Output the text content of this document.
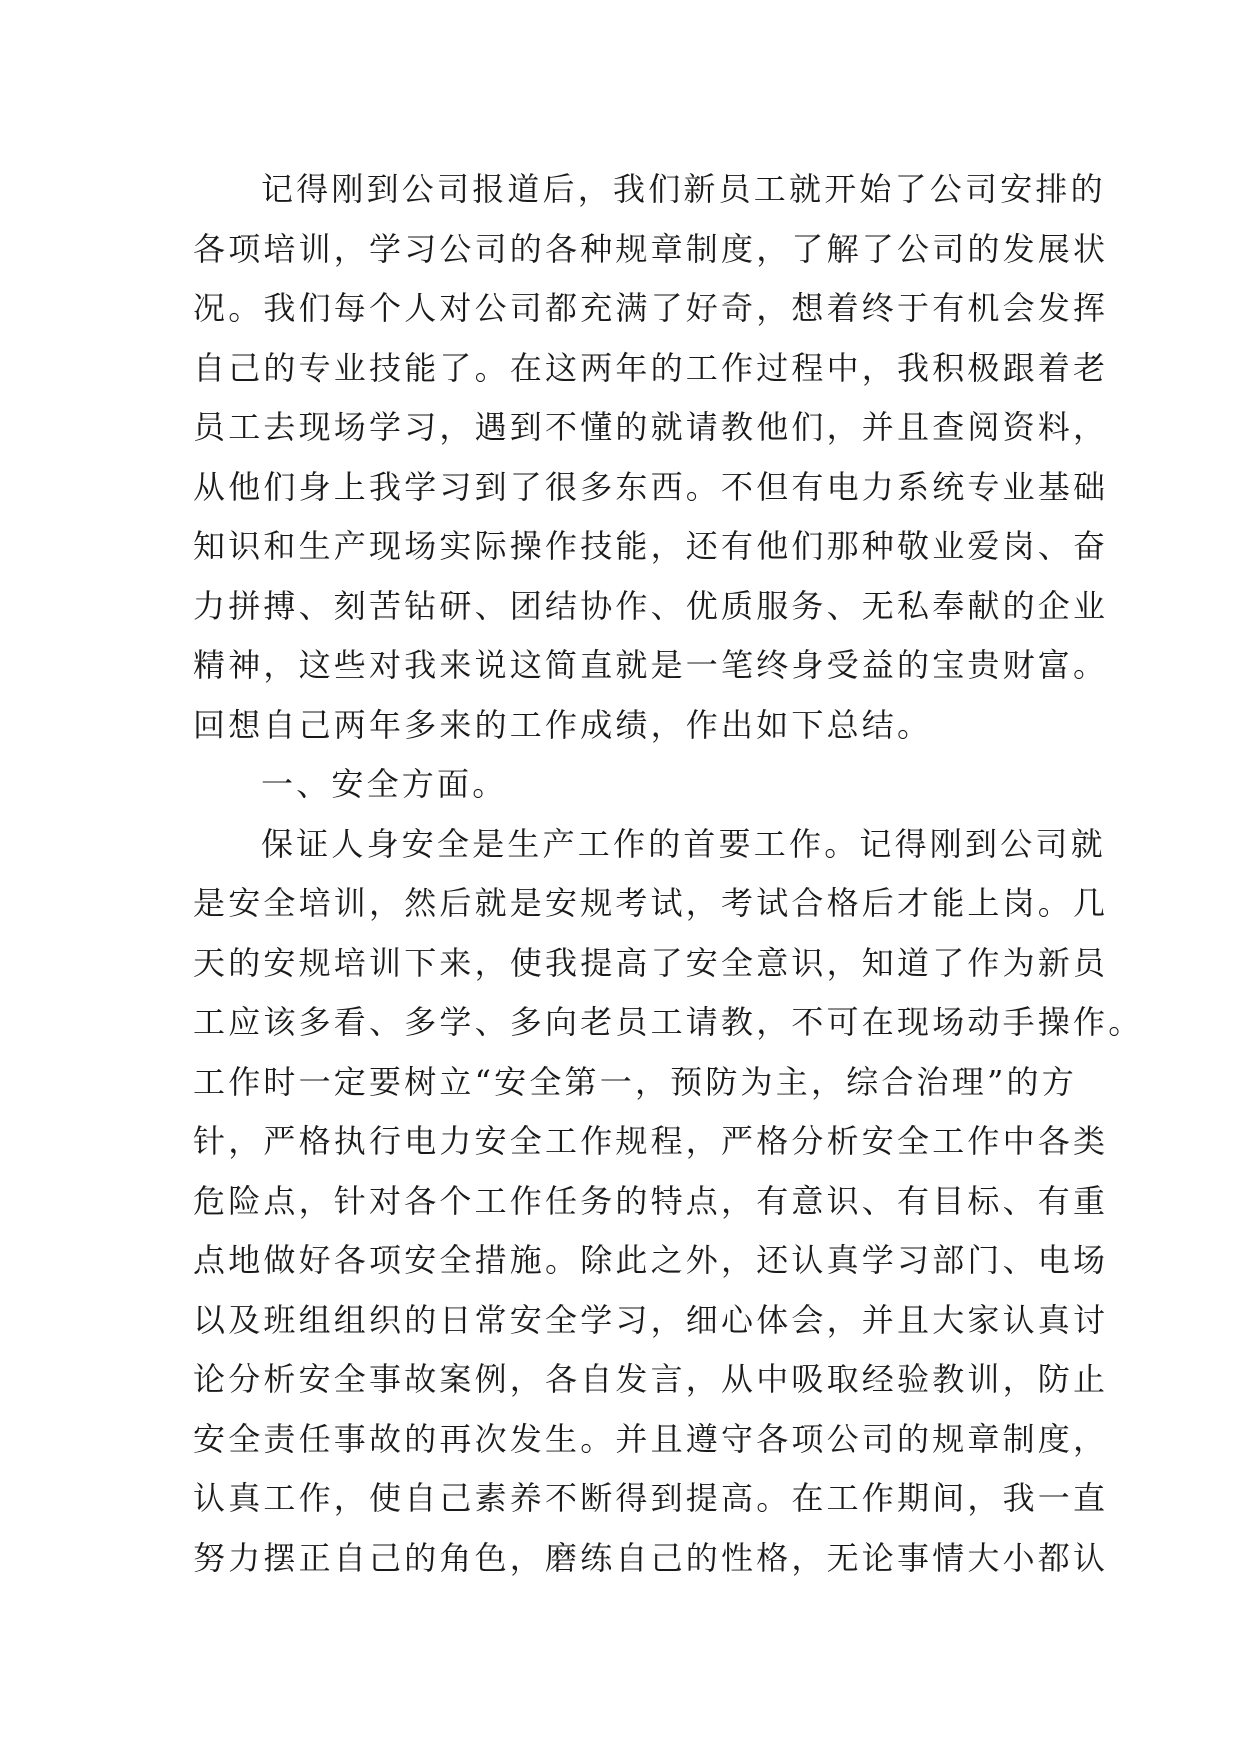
记得刚到公司报道后，我们新员工就开始了公司安排的
各项培训，学习公司的各种规章制度，了解了公司的发展状
况。我们每个人对公司都充满了好奇，想着终于有机会发挥
自己的专业技能了。在这两年的工作过程中，我积极跟着老
员工去现场学习，遇到不懂的就请教他们，并且查阅资料，
从他们身上我学习到了很多东西。不但有电力系统专业基础
知识和生产现场实际操作技能，还有他们那种敬业爱岗、奋
力拼搏、刻苦钻研、团结协作、优质服务、无私奉献的企业
精神，这些对我来说这简直就是一笔终身受益的宝贵财富。
回想自己两年多来的工作成绩，作出如下总结。
一、安全方面。
保证人身安全是生产工作的首要工作。记得刚到公司就
是安全培训，然后就是安规考试，考试合格后才能上岗。几
天的安规培训下来，使我提高了安全意识，知道了作为新员
工应该多看、多学、多向老员工请教，不可在现场动手操作。
工作时一定要树立“安全第一，预防为主，综合治理”的方
针，严格执行电力安全工作规程，严格分析安全工作中各类
危险点，针对各个工作任务的特点，有意识、有目标、有重
点地做好各项安全措施。除此之外，还认真学习部门、电场
以及班组组织的日常安全学习，细心体会，并且大家认真讨
论分析安全事故案例，各自发言，从中吸取经验教训，防止
安全责任事故的再次发生。并且遵守各项公司的规章制度，
认真工作，使自己素养不断得到提高。在工作期间，我一直
努力摆正自己的角色，磨练自己的性格，无论事情大小都认
